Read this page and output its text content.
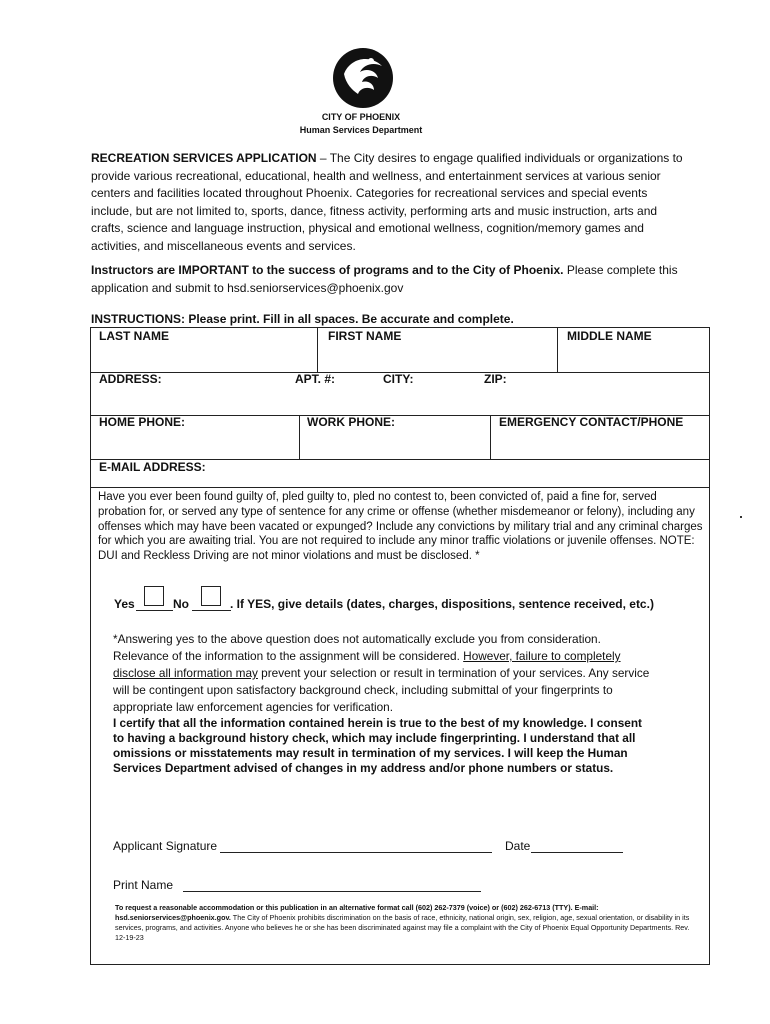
CITY OF PHOENIX
Human Services Department
RECREATION SERVICES APPLICATION – The City desires to engage qualified individuals or organizations to provide various recreational, educational, health and wellness, and entertainment services at various senior centers and facilities located throughout Phoenix. Categories for recreational services and special events include, but are not limited to, sports, dance, fitness activity, performing arts and music instruction, arts and crafts, science and language instruction, physical and emotional wellness, cognition/memory games and activities, and miscellaneous events and services.
Instructors are IMPORTANT to the success of programs and to the City of Phoenix. Please complete this application and submit to hsd.seniorservices@phoenix.gov
INSTRUCTIONS: Please print. Fill in all spaces. Be accurate and complete.
LAST NAME	FIRST NAME	MIDDLE NAME
ADDRESS:	APT. #:	CITY:	ZIP:
HOME PHONE:	WORK PHONE:	EMERGENCY CONTACT/PHONE
E-MAIL ADDRESS:
Have you ever been found guilty of, pled guilty to, pled no contest to, been convicted of, paid a fine for, served probation for, or served any type of sentence for any crime or offense (whether misdemeanor or felony), including any offenses which may have been vacated or expunged? Include any convictions by military trial and any criminal charges for which you are awaiting trial. You are not required to include any minor traffic violations or juvenile offenses. NOTE: DUI and Reckless Driving are not minor violations and must be disclosed. *
Yes	No	. If YES, give details (dates, charges, dispositions, sentence received, etc.)
*Answering yes to the above question does not automatically exclude you from consideration. Relevance of the information to the assignment will be considered. However, failure to completely disclose all information may prevent your selection or result in termination of your services. Any service will be contingent upon satisfactory background check, including submittal of your fingerprints to appropriate law enforcement agencies for verification.
I certify that all the information contained herein is true to the best of my knowledge. I consent to having a background history check, which may include fingerprinting. I understand that all omissions or misstatements may result in termination of my services. I will keep the Human Services Department advised of changes in my address and/or phone numbers or status.
Applicant Signature	Date
Print Name
To request a reasonable accommodation or this publication in an alternative format call (602) 262-7379 (voice) or (602) 262-6713 (TTY). E-mail: hsd.seniorservices@phoenix.gov. The City of Phoenix prohibits discrimination on the basis of race, ethnicity, national origin, sex, religion, age, sexual orientation, or disability in its services, programs, and activities. Anyone who believes he or she has been discriminated against may file a complaint with the City of Phoenix Equal Opportunity Departments. Rev. 12-19-23
